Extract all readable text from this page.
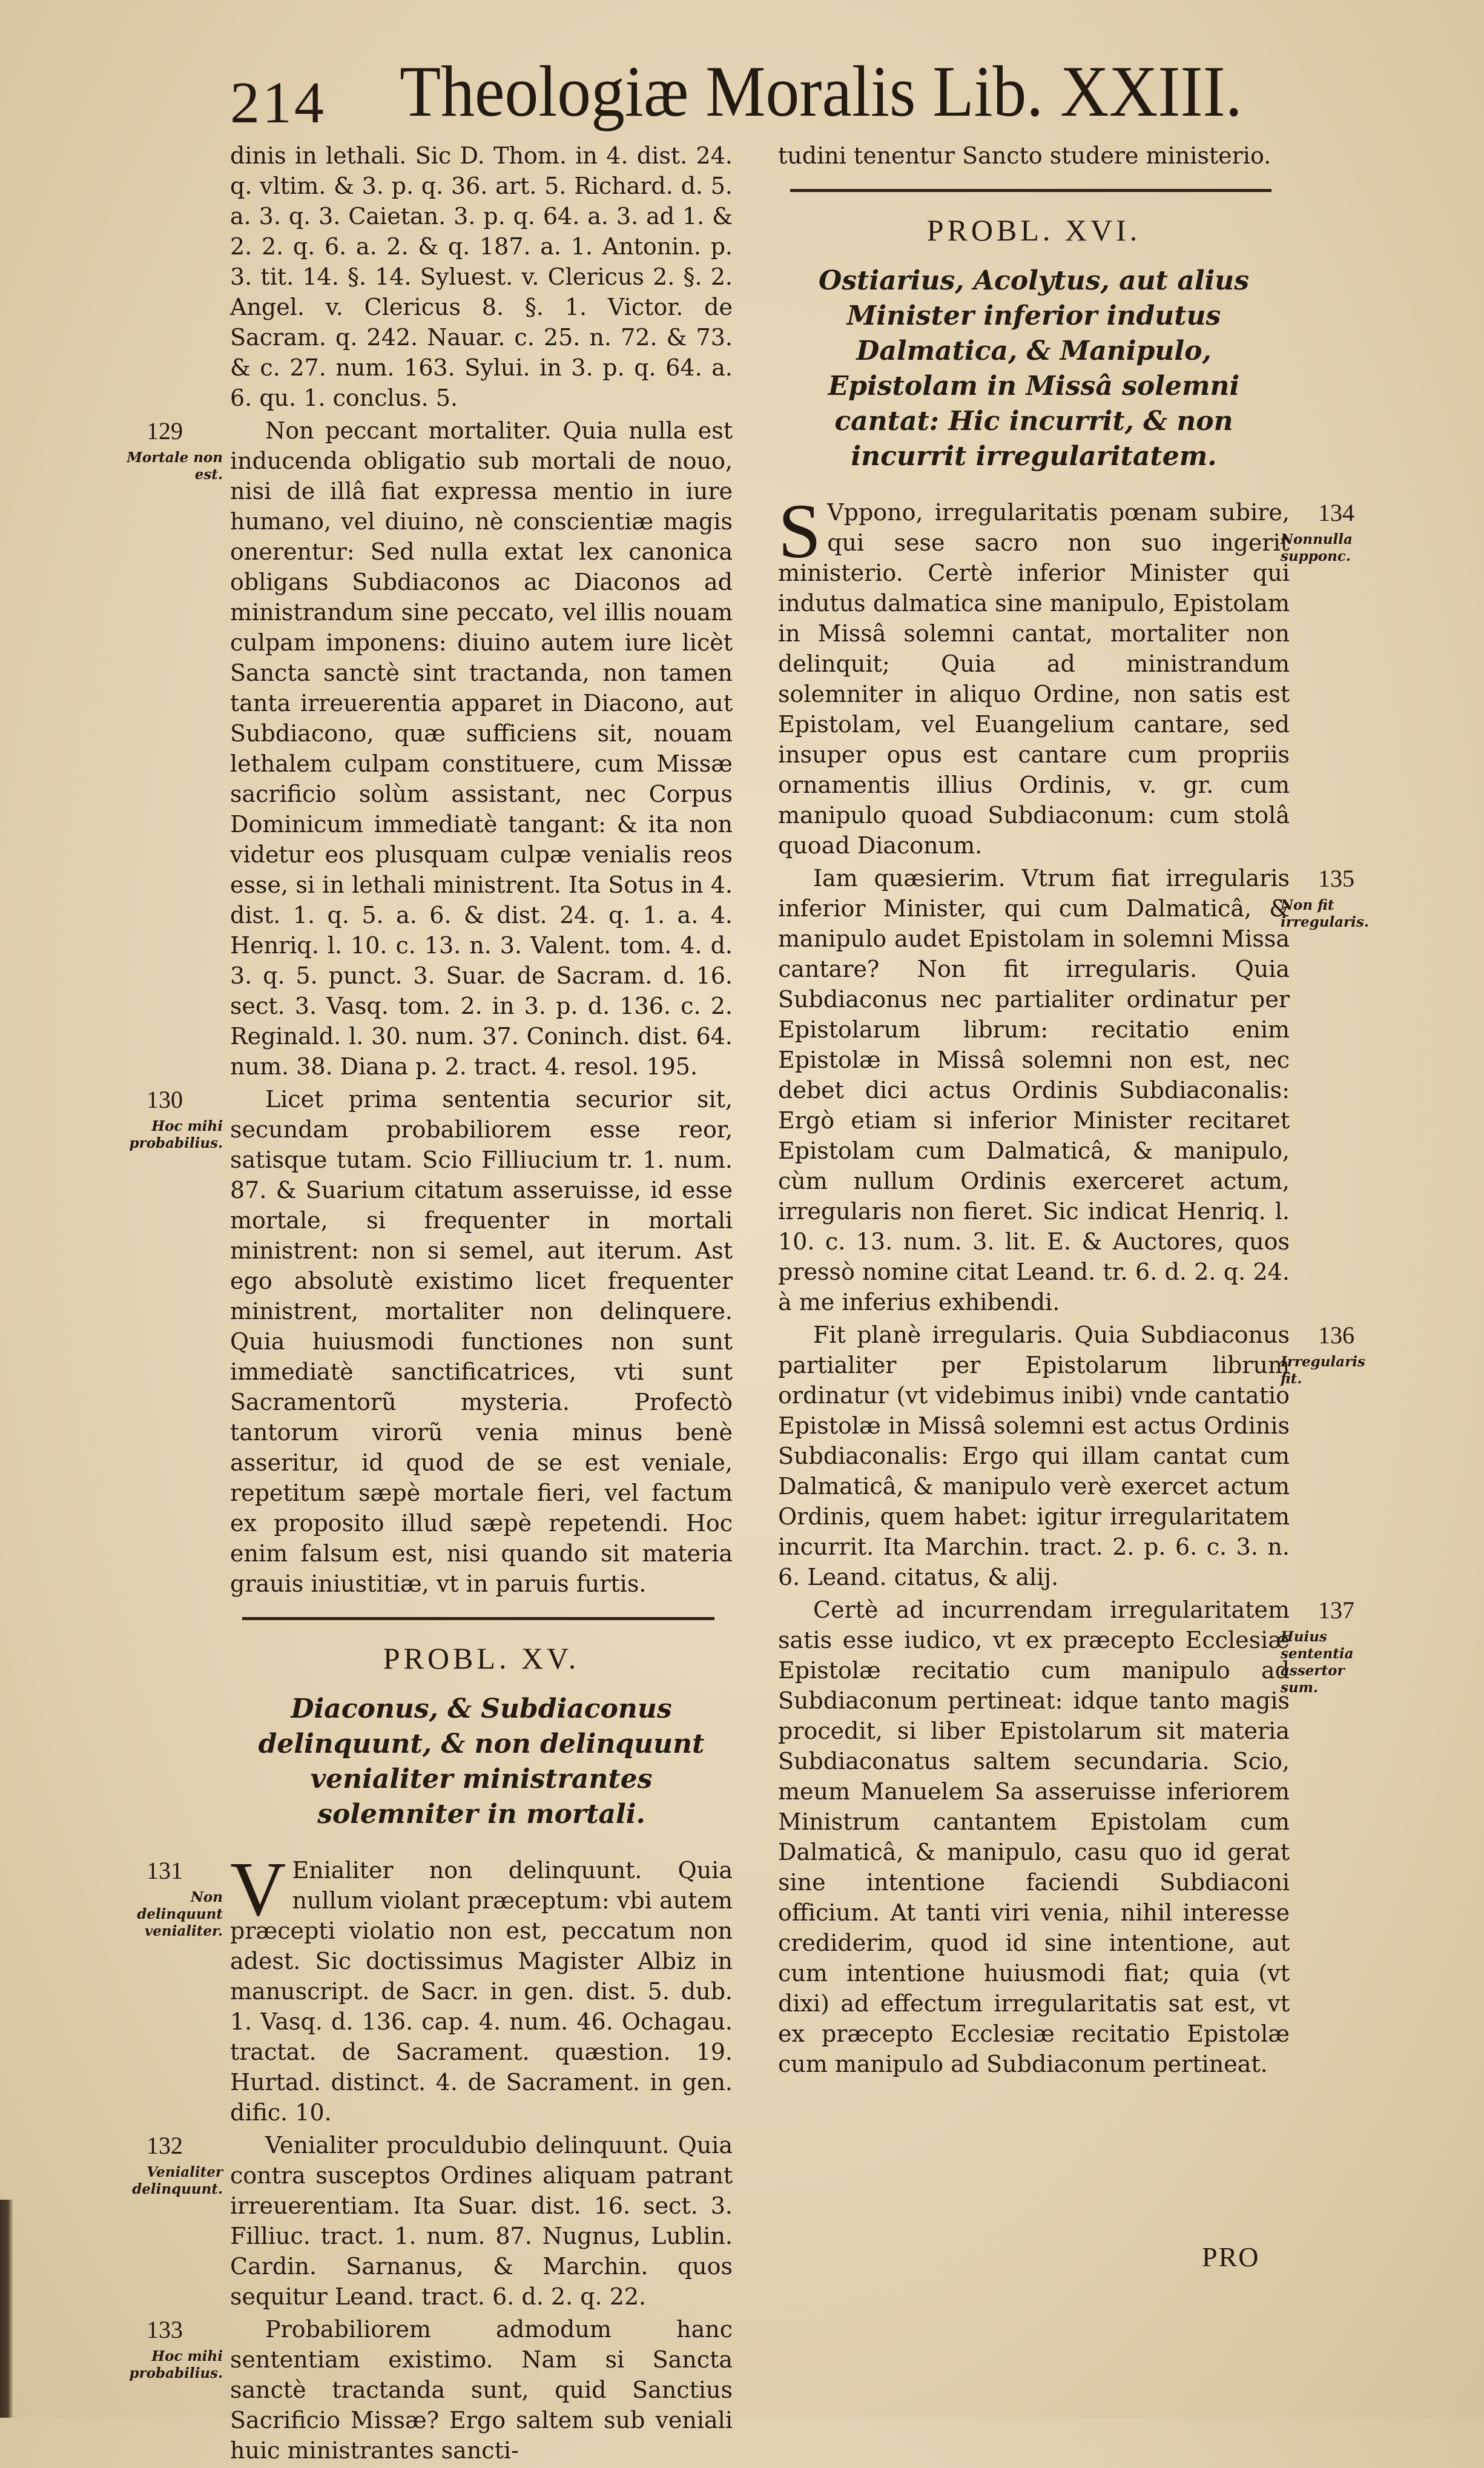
214 Theologiæ Moralis Lib. XXIII.

dinis in lethali. Sic D. Thom. in 4. dist. 24. q. vltim. & 3. p. q. 36. art. 5. Richard. d. 5. a. 3. q. 3. Caietan. 3. p. q. 64. a. 3. ad 1. & 2. 2. q. 6. a. 2. & q. 187. a. 1. Antonin. p. 3. tit. 14. §. 14. Syluest. v. Clericus 2. §. 2. Angel. v. Clericus 8. §. 1. Victor. de Sacram. q. 242. Nauar. c. 25. n. 72. & 73. & c. 27. num. 163. Sylui. in 3. p. q. 64. a. 6. qu. 1. conclus. 5.

129
Mortale non est.

Non peccant mortaliter. Quia nulla est inducenda obligatio sub mortali de nouo, nisi de illâ fiat expressa mentio in iure humano, vel diuino, nè conscientiæ magis onerentur: Sed nulla extat lex canonica obligans Subdiaconos ac Diaconos ad ministrandum sine peccato, vel illis nouam culpam imponens: diuino autem iure licèt Sancta sanctè sint tractanda, non tamen tanta irreuerentia apparet in Diacono, aut Subdiacono, quæ sufficiens sit, nouam lethalem culpam constituere, cum Missæ sacrificio solùm assistant, nec Corpus Dominicum immediatè tangant: & ita non videtur eos plusquam culpæ venialis reos esse, si in lethali ministrent. Ita Sotus in 4. dist. 1. q. 5. a. 6. & dist. 24. q. 1. a. 4. Henriq. l. 10. c. 13. n. 3. Valent. tom. 4. d. 3. q. 5. punct. 3. Suar. de Sacram. d. 16. sect. 3. Vasq. tom. 2. in 3. p. d. 136. c. 2. Reginald. l. 30. num. 37. Coninch. dist. 64. num. 38. Diana p. 2. tract. 4. resol. 195.

130
Hoc mihi probabilius.

Licet prima sententia securior sit, secundam probabiliorem esse reor, satisque tutam. Scio Filliucium tr. 1. num. 87. & Suarium citatum asseruisse, id esse mortale, si frequenter in mortali ministrent: non si semel, aut iterum. Ast ego absolutè existimo licet frequenter ministrent, mortaliter non delinquere. Quia huiusmodi functiones non sunt immediatè sanctificatrices, vti sunt Sacramentorũ mysteria. Profectò tantorum virorũ venia minus benè asseritur, id quod de se est veniale, repetitum sæpè mortale fieri, vel factum ex proposito illud sæpè repetendi. Hoc enim falsum est, nisi quando sit materia grauis iniustitiæ, vt in paruis furtis.

PROBL. XV.
Diaconus, & Subdiaconus delinquunt, & non delinquunt venialiter ministrantes solemniter in mortali.
131
Non delinquunt venialiter. V Enialiter non delinquunt. Quia nullum violant præceptum: vbi autem præcepti violatio non est, peccatum non adest. Sic doctissimus Magister Albiz in manuscript. de Sacr. in gen. dist. 5. dub. 1. Vasq. d. 136. cap. 4. num. 46. Ochagau. tractat. de Sacrament. quæstion. 19. Hurtad. distinct. 4. de Sacrament. in gen. dific. 10.

132
Venialiter delinquunt.

Venialiter proculdubio delinquunt. Quia contra susceptos Ordines aliquam patrant irreuerentiam. Ita Suar. dist. 16. sect. 3. Filliuc. tract. 1. num. 87. Nugnus, Lublin. Cardin. Sarnanus, & Marchin. quos sequitur Leand. tract. 6. d. 2. q. 22.

133
Hoc mihi probabilius.

Probabiliorem admodum hanc sententiam existimo. Nam si Sancta sanctè tractanda sunt, quid Sanctius Sacrificio Missæ? Ergo saltem sub veniali huic ministrantes sancti-

tudini tenentur Sancto studere ministerio.

PROBL. XVI.
Ostiarius, Acolytus, aut alius Minister inferior indutus Dalmatica, & Manipulo, Epistolam in Missâ solemni cantat: Hic incurrit, & non incurrit irregularitatem.
134
Nonnulla supponc.

S Vppono, irregularitatis pœnam subire, qui sese sacro non suo ingerit ministerio. Certè inferior Minister qui indutus dalmatica sine manipulo, Epistolam in Missâ solemni cantat, mortaliter non delinquit; Quia ad ministrandum solemniter in aliquo Ordine, non satis est Epistolam, vel Euangelium cantare, sed insuper opus est cantare cum propriis ornamentis illius Ordinis, v. gr. cum manipulo quoad Subdiaconum: cum stolâ quoad Diaconum.

135
Non fit irregularis.

Iam quæsierim. Vtrum fiat irregularis inferior Minister, qui cum Dalmaticâ, & manipulo audet Epistolam in solemni Missa cantare? Non fit irregularis. Quia Subdiaconus nec partialiter ordinatur per Epistolarum librum: recitatio enim Epistolæ in Missâ solemni non est, nec debet dici actus Ordinis Subdiaconalis: Ergò etiam si inferior Minister recitaret Epistolam cum Dalmaticâ, & manipulo, cùm nullum Ordinis exerceret actum, irregularis non fieret. Sic indicat Henriq. l. 10. c. 13. num. 3. lit. E. & Auctores, quos pressò nomine citat Leand. tr. 6. d. 2. q. 24. à me inferius exhibendi.

136
Irregularis fit.

Fit planè irregularis. Quia Subdiaconus partialiter per Epistolarum librum ordinatur (vt videbimus inibi) vnde cantatio Epistolæ in Missâ solemni est actus Ordinis Subdiaconalis: Ergo qui illam cantat cum Dalmaticâ, & manipulo verè exercet actum Ordinis, quem habet: igitur irregularitatem incurrit. Ita Marchin. tract. 2. p. 6. c. 3. n. 6. Leand. citatus, & alij.

137
Huius sententia assertor sum.

Certè ad incurrendam irregularitatem satis esse iudico, vt ex præcepto Ecclesiæ Epistolæ recitatio cum manipulo ad Subdiaconum pertineat: idque tanto magis procedit, si liber Epistolarum sit materia Subdiaconatus saltem secundaria. Scio, meum Manuelem Sa asseruisse inferiorem Ministrum cantantem Epistolam cum Dalmaticâ, & manipulo, casu quo id gerat sine intentione faciendi Subdiaconi officium. At tanti viri venia, nihil interesse crediderim, quod id sine intentione, aut cum intentione huiusmodi fiat; quia (vt dixi) ad effectum irregularitatis sat est, vt ex præcepto Ecclesiæ recitatio Epistolæ cum manipulo ad Subdiaconum pertineat.

PRO
